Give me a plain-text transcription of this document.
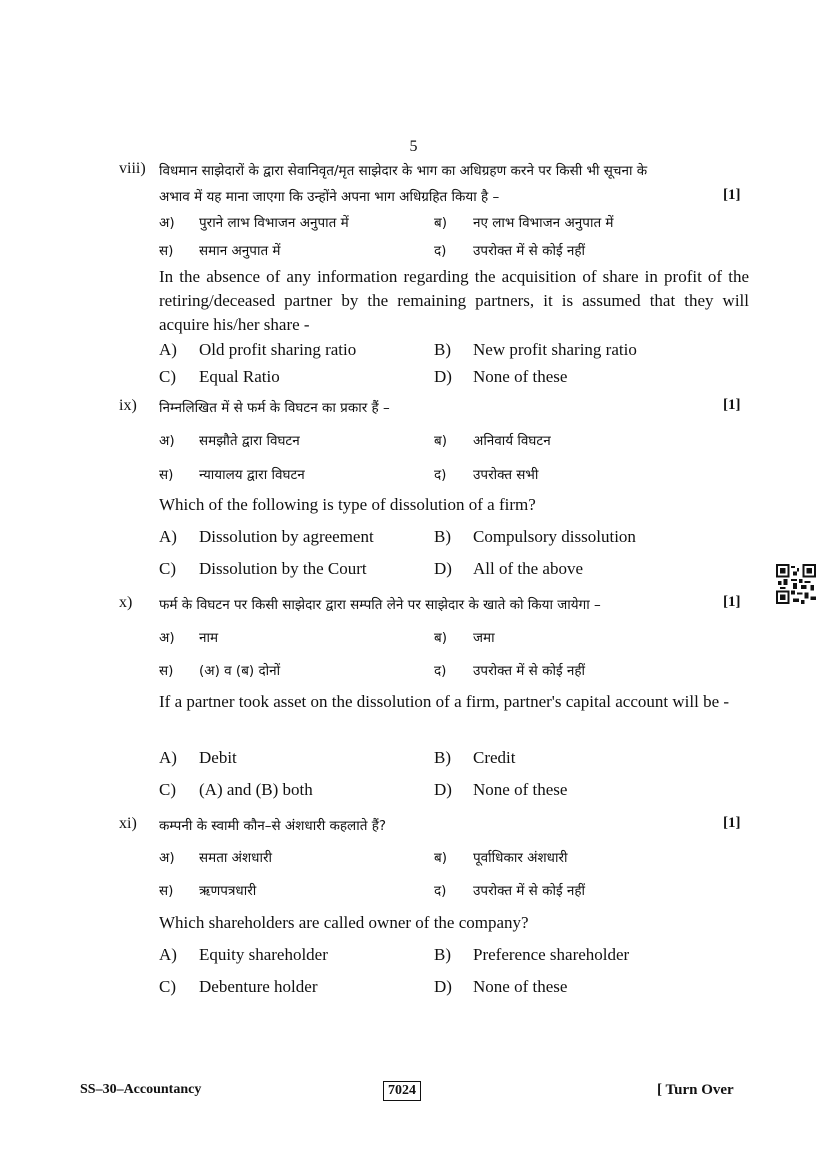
5
viii) विधमान साझेदारों के द्वारा सेवानिवृत/मृत साझेदार के भाग का अधिग्रहण करने पर किसी भी सूचना के
अभाव में यह माना जाएगा कि उन्होंने अपना भाग अधिग्रहित किया है –	[1]
अ) पुराने लाभ विभाजन अनुपात में	ब) नए लाभ विभाजन अनुपात में
स) समान अनुपात में	द) उपरोक्त में से कोई नहीं
In the absence of any information regarding the acquisition of share in profit of the retiring/deceased partner by the remaining partners, it is assumed that they will acquire his/her share -
A) Old profit sharing ratio	B) New profit sharing ratio
C) Equal Ratio	D) None of these
ix) निम्नलिखित में से फर्म के विघटन का प्रकार हैं –	[1]
अ) समझौते द्वारा विघटन	ब) अनिवार्य विघटन
स) न्यायालय द्वारा विघटन	द) उपरोक्त सभी
Which of the following is type of dissolution of a firm?
A) Dissolution by agreement	B) Compulsory dissolution
C) Dissolution by the Court	D) All of the above
x) फर्म के विघटन पर किसी साझेदार द्वारा सम्पति लेने पर साझेदार के खाते को किया जायेगा –	[1]
अ) नाम	ब) जमा
स) (अ) व (ब) दोनों	द) उपरोक्त में से कोई नहीं
If a partner took asset on the dissolution of a firm, partner's capital account will be -
A) Debit	B) Credit
C) (A) and (B) both	D) None of these
xi) कम्पनी के स्वामी कौन–से अंशधारी कहलाते हैं?	[1]
अ) समता अंशधारी	ब) पूर्वाधिकार अंशधारी
स) ऋणपत्रधारी	द) उपरोक्त में से कोई नहीं
Which shareholders are called owner of the company?
A) Equity shareholder	B) Preference shareholder
C) Debenture holder	D) None of these
SS–30–Accountancy	7024	[ Turn Over
